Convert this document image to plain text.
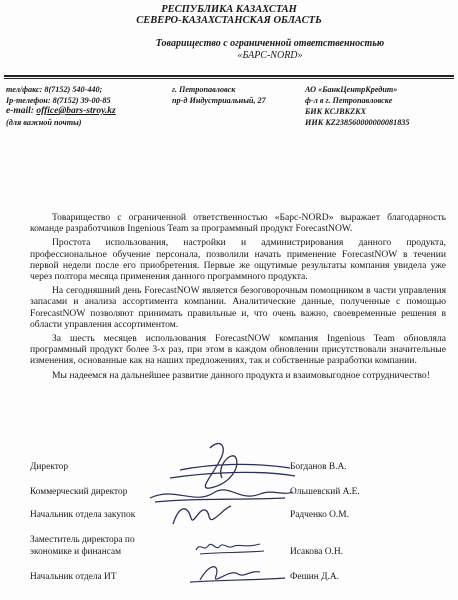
РЕСПУБЛИКА КАЗАХСТАН
СЕВЕРО-КАЗАХСТАНСКАЯ ОБЛАСТЬ
Товарищество с ограниченной ответственностью
«БАРС-NORD»
тел/факс: 8(7152) 540-440;
Ip-телефон: 8(7152) 39-00-85
e-mail: office@bars-stroy.kz
(для важной почты)
г. Петропавловск
пр-д Индустриальный, 27
АО «БанкЦентрКредит»
ф-л в г. Петропавловске
БИК KCJBKZKX
ИИК KZ238560000000081835

Товарищество с ограниченной ответственностью «Барс-NORD» выражает благодарность команде разработчиков Ingenious Team за программный продукт ForecastNOW.

Простота использования, настройки и администрирования данного продукта, профессиональное обучение персонала, позволили начать применение ForecastNOW в течении первой недели после его приобретения. Первые же ощутимые результаты компания увидела уже через полтора месяца применения данного программного продукта.

На сегодняшний день ForecastNOW является безоговорочным помощником в части управления запасами и анализа ассортимента компании. Аналитические данные, полученные с помощью ForecastNOW позволяют принимать правильные и, что очень важно, своевременные решения в области управления ассортиментом.

За шесть месяцев использования ForecastNOW компания Ingenious Team обновляла программный продукт более 3-х раз, при этом в каждом обновлении присутствовали значительные изменения, основанные как на наших предложениях, так и собственные разработки компании.

Мы надеемся на дальнейшее развитие данного продукта и взаимовыгодное сотрудничество!

Директор	Богданов В.А.
Коммерческий директор	Ольшевский А.Е.
Начальник отдела закупок	Радченко О.М.
Заместитель директора по
экономике и финансам	Исакова О.Н.
Начальник отдела ИТ	Фешин Д.А.
